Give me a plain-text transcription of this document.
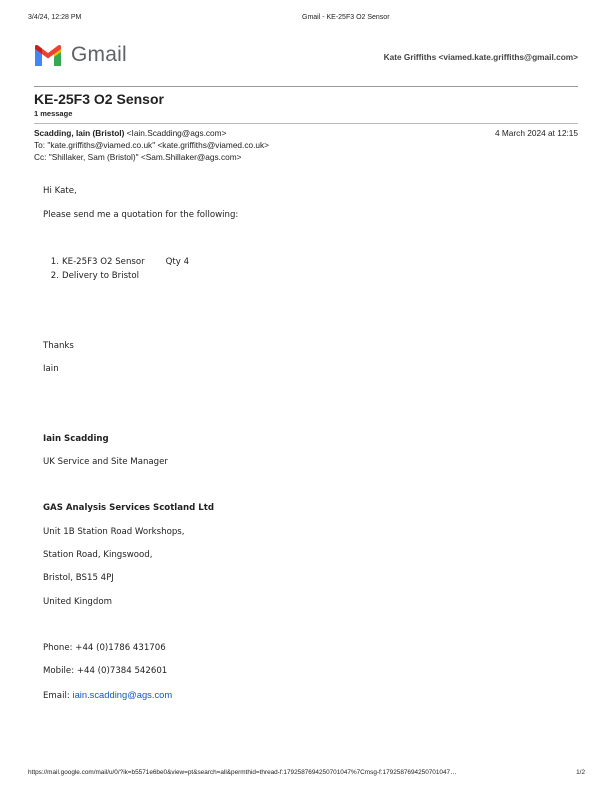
3/4/24, 12:28 PM	Gmail - KE-25F3 O2 Sensor
Gmail	Kate Griffiths <viamed.kate.griffiths@gmail.com>
KE-25F3 O2 Sensor
1 message
Scadding, Iain (Bristol) <Iain.Scadding@ags.com>	4 March 2024 at 12:15
To: "kate.griffiths@viamed.co.uk" <kate.griffiths@viamed.co.uk>
Cc: "Shillaker, Sam (Bristol)" <Sam.Shillaker@ags.com>
Hi Kate,
Please send me a quotation for the following:
1. KE-25F3 O2 Sensor Qty 4
2. Delivery to Bristol
Thanks
Iain
Iain Scadding
UK Service and Site Manager
GAS Analysis Services Scotland Ltd
Unit 1B Station Road Workshops,
Station Road, Kingswood,
Bristol, BS15 4PJ
United Kingdom
Phone: +44 (0)1786 431706
Mobile: +44 (0)7384 542601
Email: iain.scadding@ags.com
https://mail.google.com/mail/u/0/?ik=b5571e6be0&view=pt&search=all&permthid=thread-f:1792587694250701047%7Cmsg-f:1792587694250701047…	1/2
